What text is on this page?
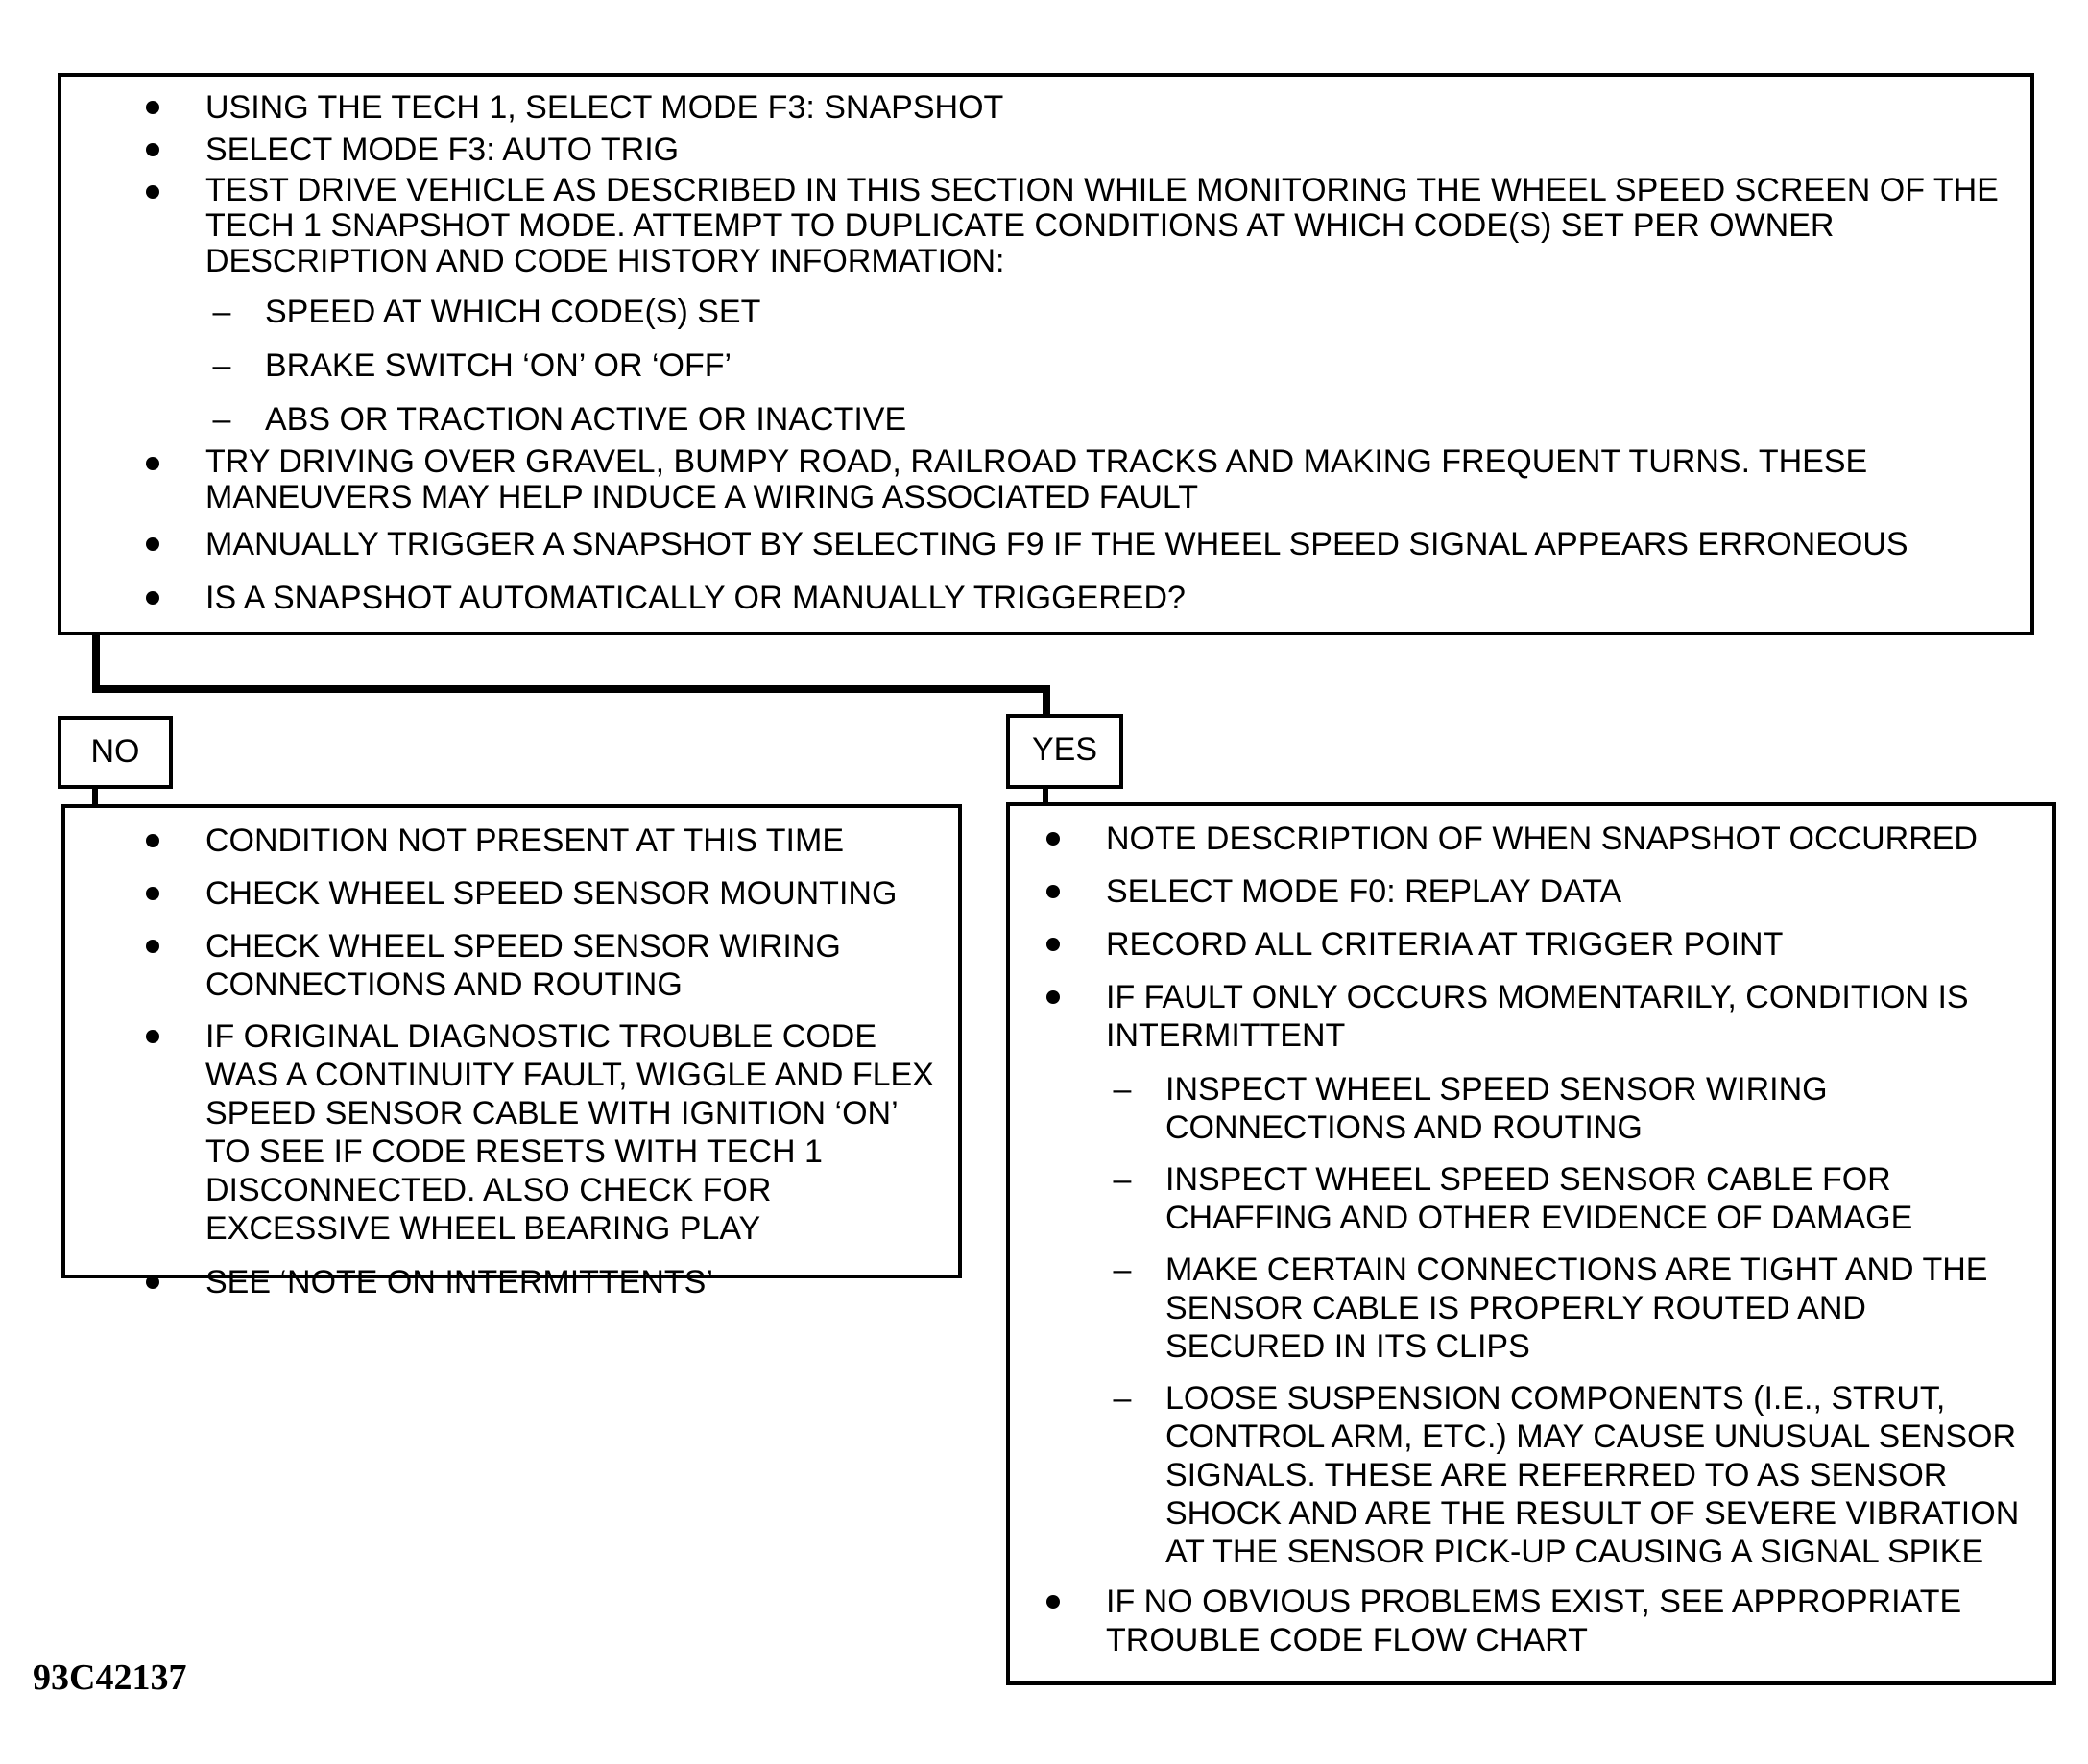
USING THE TECH 1, SELECT MODE F3: SNAPSHOT
SELECT MODE F3: AUTO TRIG
TEST DRIVE VEHICLE AS DESCRIBED IN THIS SECTION WHILE MONITORING THE WHEEL SPEED SCREEN OF THE TECH 1 SNAPSHOT MODE. ATTEMPT TO DUPLICATE CONDITIONS AT WHICH CODE(S) SET PER OWNER DESCRIPTION AND CODE HISTORY INFORMATION:
– SPEED AT WHICH CODE(S) SET
– BRAKE SWITCH ‘ON’ OR ‘OFF’
– ABS OR TRACTION ACTIVE OR INACTIVE
TRY DRIVING OVER GRAVEL, BUMPY ROAD, RAILROAD TRACKS AND MAKING FREQUENT TURNS. THESE MANEUVERS MAY HELP INDUCE A WIRING ASSOCIATED FAULT
MANUALLY TRIGGER A SNAPSHOT BY SELECTING F9 IF THE WHEEL SPEED SIGNAL APPEARS ERRONEOUS
IS A SNAPSHOT AUTOMATICALLY OR MANUALLY TRIGGERED?
NO	YES
CONDITION NOT PRESENT AT THIS TIME
CHECK WHEEL SPEED SENSOR MOUNTING
CHECK WHEEL SPEED SENSOR WIRING CONNECTIONS AND ROUTING
IF ORIGINAL DIAGNOSTIC TROUBLE CODE WAS A CONTINUITY FAULT, WIGGLE AND FLEX SPEED SENSOR CABLE WITH IGNITION ‘ON’ TO SEE IF CODE RESETS WITH TECH 1 DISCONNECTED. ALSO CHECK FOR EXCESSIVE WHEEL BEARING PLAY
SEE ‘NOTE ON INTERMITTENTS’
NOTE DESCRIPTION OF WHEN SNAPSHOT OCCURRED
SELECT MODE F0: REPLAY DATA
RECORD ALL CRITERIA AT TRIGGER POINT
IF FAULT ONLY OCCURS MOMENTARILY, CONDITION IS INTERMITTENT
– INSPECT WHEEL SPEED SENSOR WIRING CONNECTIONS AND ROUTING
– INSPECT WHEEL SPEED SENSOR CABLE FOR CHAFFING AND OTHER EVIDENCE OF DAMAGE
– MAKE CERTAIN CONNECTIONS ARE TIGHT AND THE SENSOR CABLE IS PROPERLY ROUTED AND SECURED IN ITS CLIPS
– LOOSE SUSPENSION COMPONENTS (I.E., STRUT, CONTROL ARM, ETC.) MAY CAUSE UNUSUAL SENSOR SIGNALS. THESE ARE REFERRED TO AS SENSOR SHOCK AND ARE THE RESULT OF SEVERE VIBRATION AT THE SENSOR PICK-UP CAUSING A SIGNAL SPIKE
IF NO OBVIOUS PROBLEMS EXIST, SEE APPROPRIATE TROUBLE CODE FLOW CHART
93C42137
